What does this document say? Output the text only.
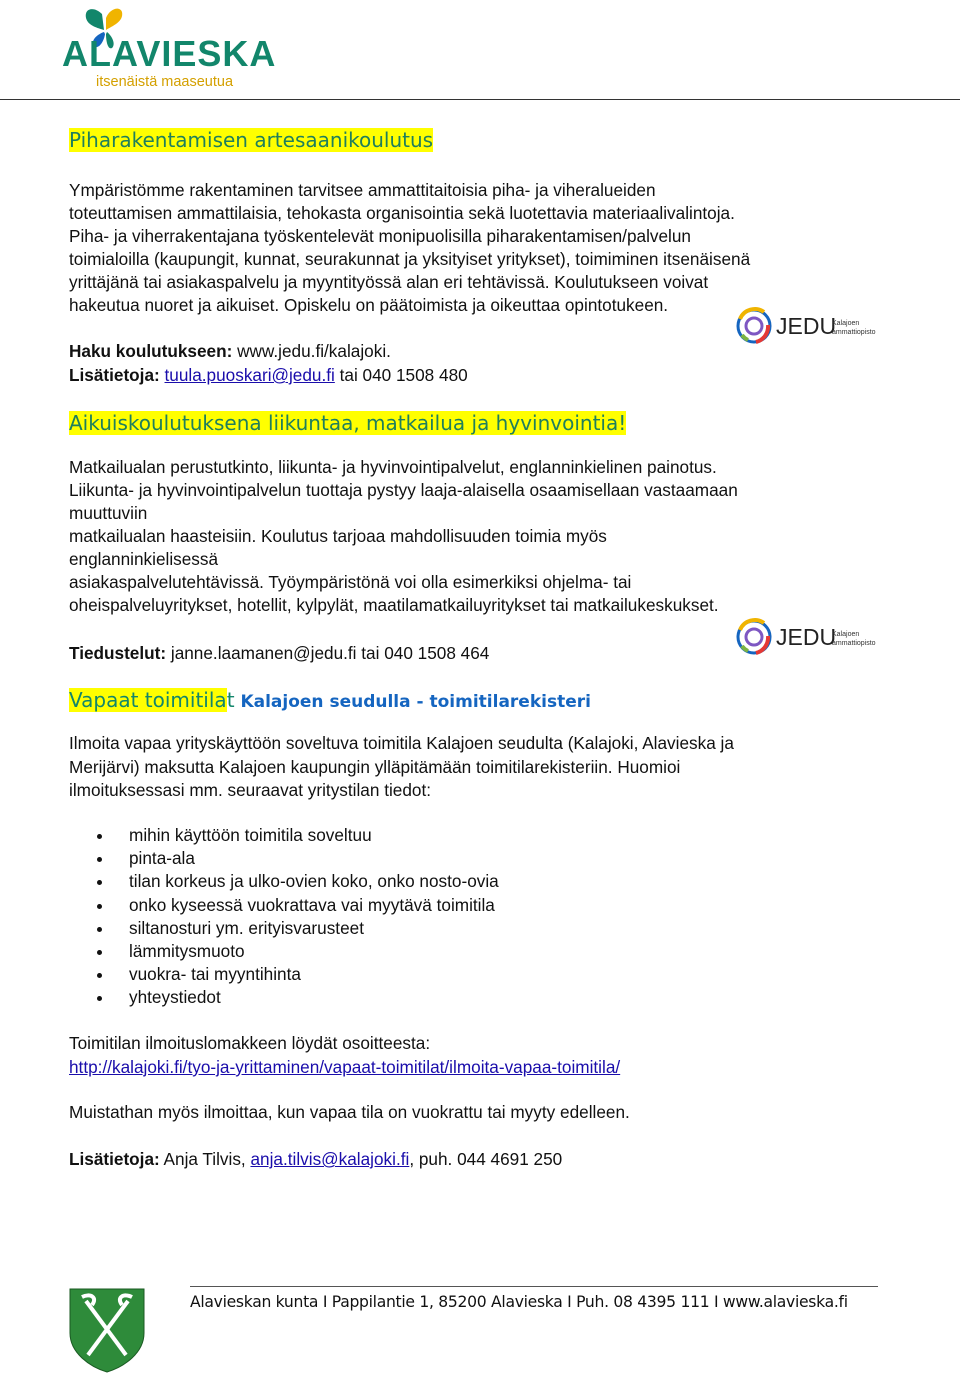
ALAVIESKA
itsenäistä maaseutua
Piharakentamisen artesaanikoulutus
Ympäristömme rakentaminen tarvitsee ammattitaitoisia piha- ja viheralueiden
toteuttamisen ammattilaisia, tehokasta organisointia sekä luotettavia materiaalivalintoja.
Piha- ja viherrakentajana työskentelevät monipuolisilla piharakentamisen/palvelun
toimialoilla (kaupungit, kunnat, seurakunnat ja yksityiset yritykset), toimiminen itsenäisenä
yrittäjänä tai asiakaspalvelu ja myyntityössä alan eri tehtävissä. Koulutukseen voivat
hakeutua nuoret ja aikuiset. Opiskelu on päätoimista ja oikeuttaa opintotukeen.
JEDU
Kalajoen
ammattiopisto
Haku koulutukseen: www.jedu.fi/kalajoki.
Lisätietoja: tuula.puoskari@jedu.fi tai 040 1508 480
Aikuiskoulutuksena liikuntaa, matkailua ja hyvinvointia!
Matkailualan perustutkinto, liikunta- ja hyvinvointipalvelut, englanninkielinen painotus.
Liikunta- ja hyvinvointipalvelun tuottaja pystyy laaja-alaisella osaamisellaan vastaamaan
muuttuviin
matkailualan haasteisiin. Koulutus tarjoaa mahdollisuuden toimia myös
englanninkielisessä
asiakaspalvelutehtävissä. Työympäristönä voi olla esimerkiksi ohjelma- tai
oheispalveluyritykset, hotellit, kylpylät, maatilamatkailuyritykset tai matkailukeskukset.
JEDU
Kalajoen
ammattiopisto
Tiedustelut: janne.laamanen@jedu.fi tai 040 1508 464
Vapaat toimitilat Kalajoen seudulla - toimitilarekisteri
Ilmoita vapaa yrityskäyttöön soveltuva toimitila Kalajoen seudulta (Kalajoki, Alavieska ja
Merijärvi) maksutta Kalajoen kaupungin ylläpitämään toimitilarekisteriin. Huomioi
ilmoituksessasi mm. seuraavat yritystilan tiedot:
mihin käyttöön toimitila soveltuu
pinta-ala
tilan korkeus ja ulko-ovien koko, onko nosto-ovia
onko kyseessä vuokrattava vai myytävä toimitila
siltanosturi ym. erityisvarusteet
lämmitysmuoto
vuokra- tai myyntihinta
yhteystiedot
Toimitilan ilmoituslomakkeen löydät osoitteesta:
http://kalajoki.fi/tyo-ja-yrittaminen/vapaat-toimitilat/ilmoita-vapaa-toimitila/
Muistathan myös ilmoittaa, kun vapaa tila on vuokrattu tai myyty edelleen.
Lisätietoja: Anja Tilvis, anja.tilvis@kalajoki.fi, puh. 044 4691 250
Alavieskan kunta I Pappilantie 1, 85200 Alavieska I Puh. 08 4395 111 I www.alavieska.fi
